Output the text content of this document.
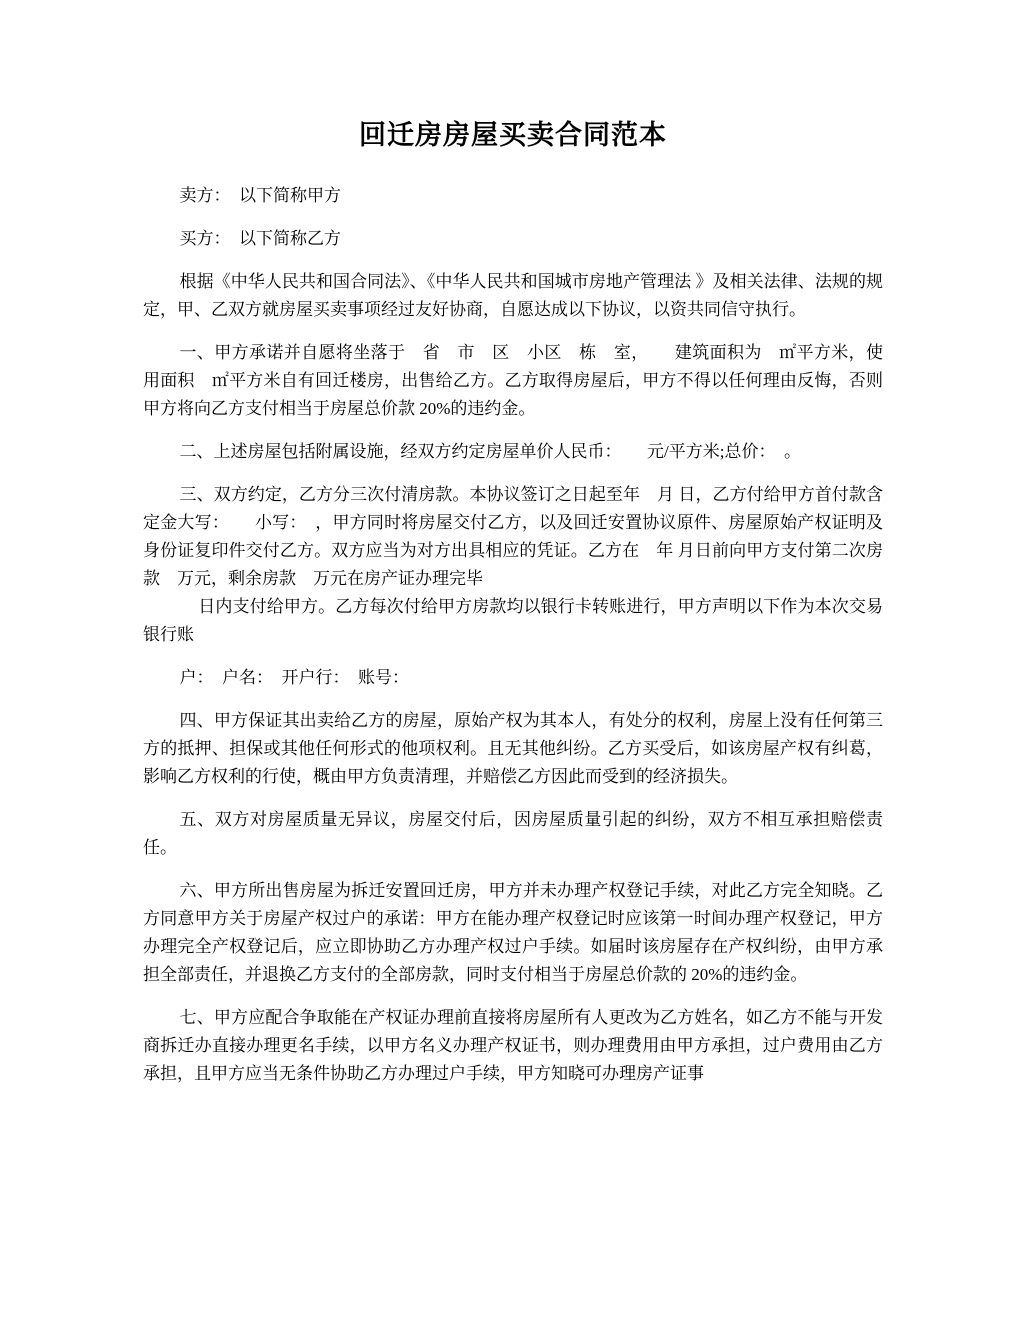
回迁房房屋买卖合同范本

卖方：　以下简称甲方

买方：　以下简称乙方

根据《中华人民共和国合同法》、《中华人民共和国城市房地产管理法 》及相关法律、法规的规定，甲、乙双方就房屋买卖事项经过友好协商，自愿达成以下协议，以资共同信守执行。

一、甲方承诺并自愿将坐落于　省　市　区　小区　栋　室，　　建筑面积为　㎡平方米，使用面积　㎡平方米自有回迁楼房，出售给乙方。乙方取得房屋后，甲方不得以任何理由反悔，否则甲方将向乙方支付相当于房屋总价款 20%的违约金。

二、上述房屋包括附属设施，经双方约定房屋单价人民币：　　元/平方米;总价：　。

三、双方约定，乙方分三次付清房款。本协议签订之日起至年　月 日，乙方付给甲方首付款含定金大写：　　小写：　，甲方同时将房屋交付乙方，以及回迁安置协议原件、房屋原始产权证明及身份证复印件交付乙方。双方应当为对方出具相应的凭证。乙方在　年 月日前向甲方支付第二次房款　万元，剩余房款　万元在房产证办理完毕

日内支付给甲方。乙方每次付给甲方房款均以银行卡转账进行，甲方声明以下作为本次交易银行账

户：　户名：　开户行：　账号：

四、甲方保证其出卖给乙方的房屋，原始产权为其本人，有处分的权利，房屋上没有任何第三方的抵押、担保或其他任何形式的他项权利。且无其他纠纷。乙方买受后，如该房屋产权有纠葛，影响乙方权利的行使，概由甲方负责清理，并赔偿乙方因此而受到的经济损失。

五、双方对房屋质量无异议，房屋交付后，因房屋质量引起的纠纷，双方不相互承担赔偿责任。

六、甲方所出售房屋为拆迁安置回迁房，甲方并未办理产权登记手续，对此乙方完全知晓。乙方同意甲方关于房屋产权过户的承诺：甲方在能办理产权登记时应该第一时间办理产权登记，甲方办理完全产权登记后，应立即协助乙方办理产权过户手续。如届时该房屋存在产权纠纷，由甲方承担全部责任，并退换乙方支付的全部房款，同时支付相当于房屋总价款的 20%的违约金。

七、甲方应配合争取能在产权证办理前直接将房屋所有人更改为乙方姓名，如乙方不能与开发商拆迁办直接办理更名手续，以甲方名义办理产权证书，则办理费用由甲方承担，过户费用由乙方承担，且甲方应当无条件协助乙方办理过户手续，甲方知晓可办理房产证事
